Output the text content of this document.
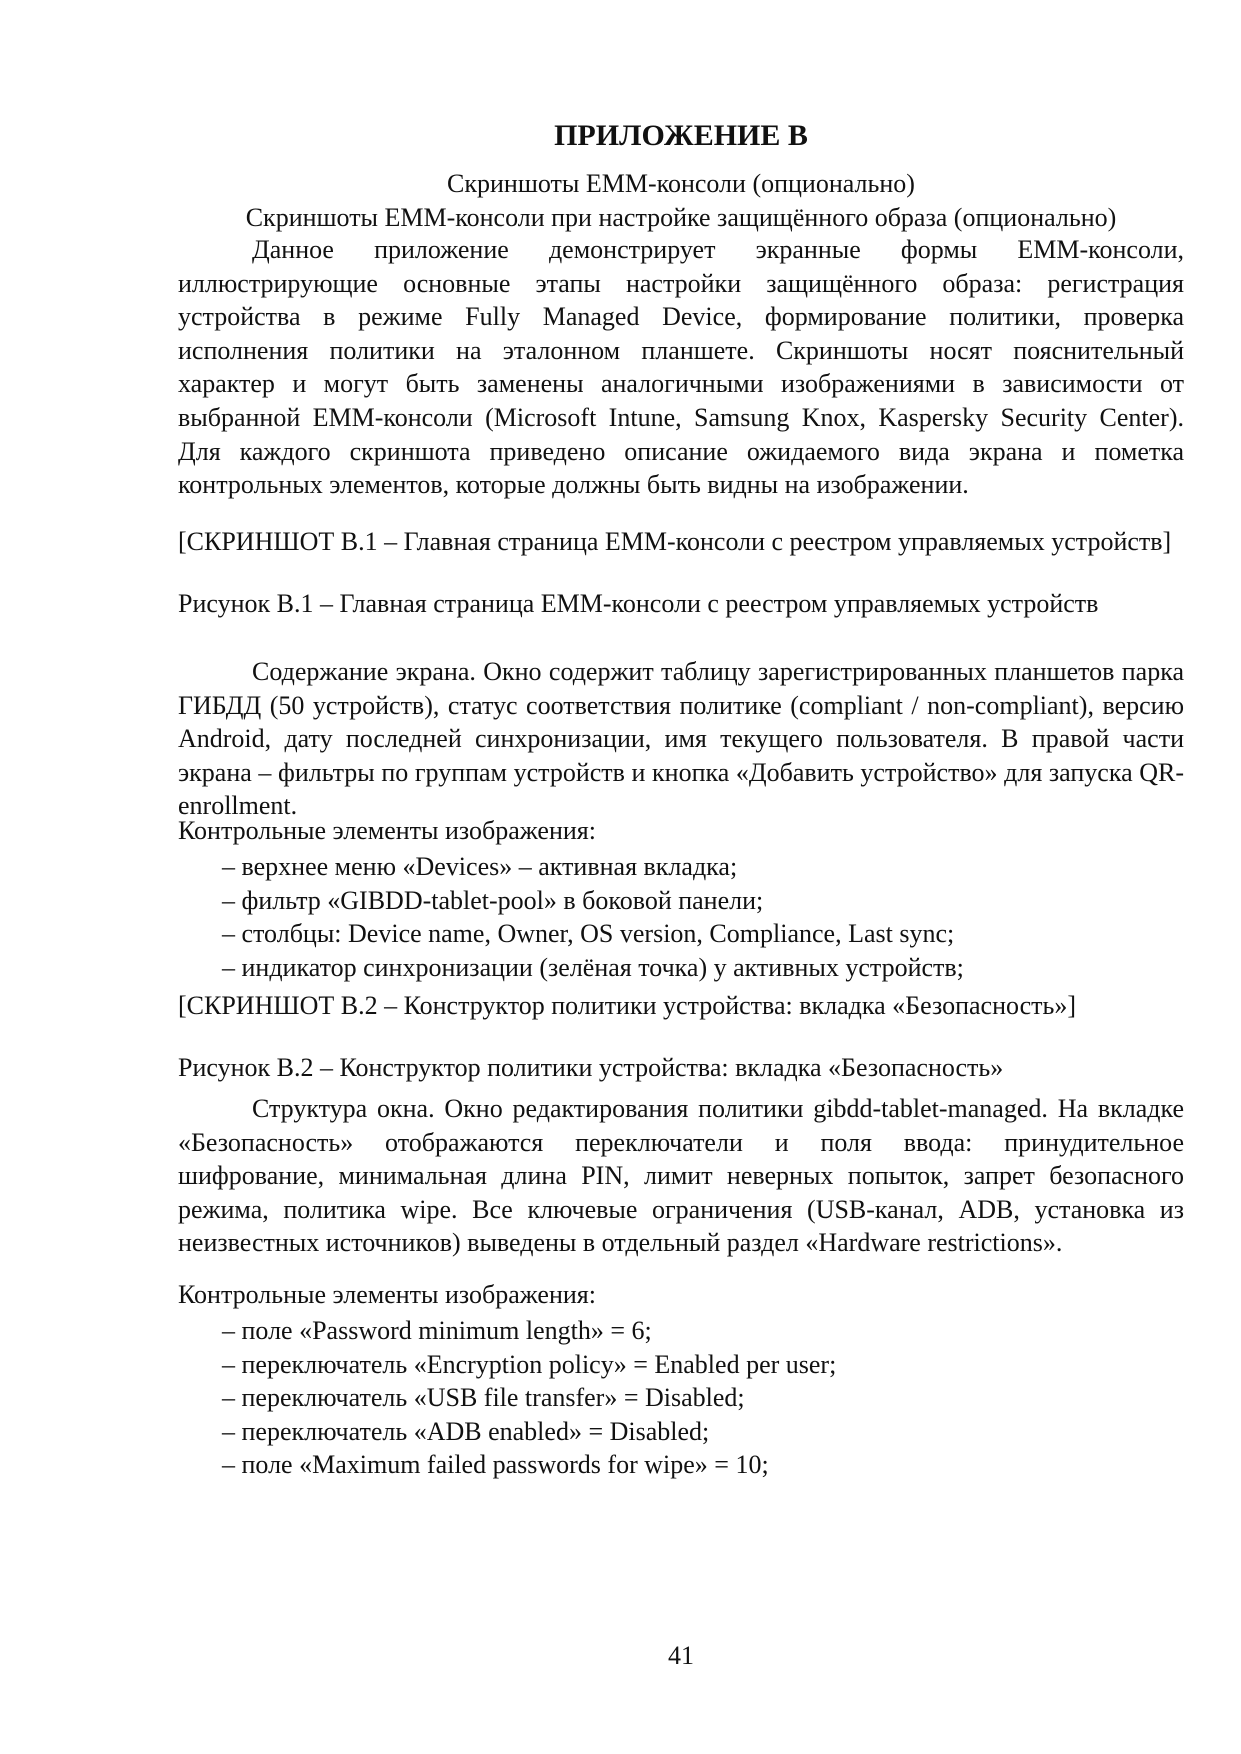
ПРИЛОЖЕНИЕ В

Скриншоты EMM-консоли (опционально)

Скриншоты EMM-консоли при настройке защищённого образа (опционально)

Данное приложение демонстрирует экранные формы EMM-консоли, иллюстрирующие основные этапы настройки защищённого образа: регистрация устройства в режиме Fully Managed Device, формирование политики, проверка исполнения политики на эталонном планшете. Скриншоты носят пояснительный характер и могут быть заменены аналогичными изображениями в зависимости от выбранной EMM-консоли (Microsoft Intune, Samsung Knox, Kaspersky Security Center). Для каждого скриншота приведено описание ожидаемого вида экрана и пометка контрольных элементов, которые должны быть видны на изображении.

[СКРИНШОТ В.1 – Главная страница EMM-консоли с реестром управляемых устройств]

Рисунок В.1 – Главная страница EMM-консоли с реестром управляемых устройств

Содержание экрана. Окно содержит таблицу зарегистрированных планшетов парка ГИБДД (50 устройств), статус соответствия политике (compliant / non-compliant), версию Android, дату последней синхронизации, имя текущего пользователя. В правой части экрана – фильтры по группам устройств и кнопка «Добавить устройство» для запуска QR-enrollment.

Контрольные элементы изображения:

– верхнее меню «Devices» – активная вкладка;
– фильтр «GIBDD-tablet-pool» в боковой панели;
– столбцы: Device name, Owner, OS version, Compliance, Last sync;
– индикатор синхронизации (зелёная точка) у активных устройств;

[СКРИНШОТ В.2 – Конструктор политики устройства: вкладка «Безопасность»]

Рисунок В.2 – Конструктор политики устройства: вкладка «Безопасность»

Структура окна. Окно редактирования политики gibdd-tablet-managed. На вкладке «Безопасность» отображаются переключатели и поля ввода: принудительное шифрование, минимальная длина PIN, лимит неверных попыток, запрет безопасного режима, политика wipe. Все ключевые ограничения (USB-канал, ADB, установка из неизвестных источников) выведены в отдельный раздел «Hardware restrictions».

Контрольные элементы изображения:

– поле «Password minimum length» = 6;
– переключатель «Encryption policy» = Enabled per user;
– переключатель «USB file transfer» = Disabled;
– переключатель «ADB enabled» = Disabled;
– поле «Maximum failed passwords for wipe» = 10;
41
